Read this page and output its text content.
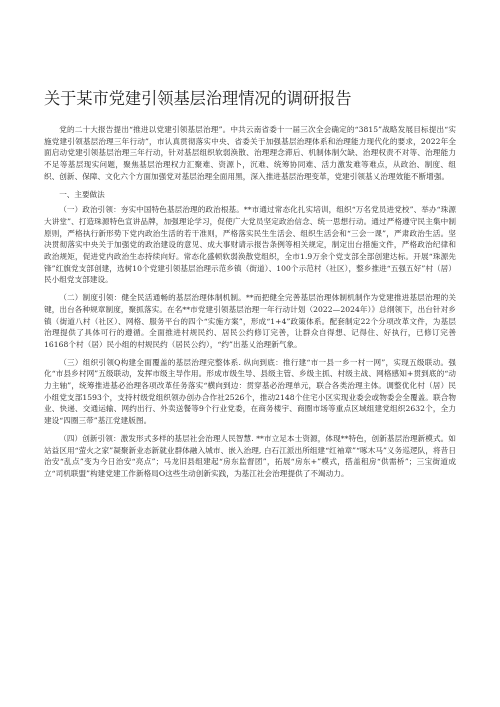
关于某市党建引领基层治理情况的调研报告

党的二十大报告提出“推进以党建引领基层治理”。中共云南省委十一届三次全会确定的“3815”战略发展目标提出“实施党建引领基层治理三年行动”，市认真贯彻落实中央、省委关于加强基层治理体系和治理能力现代化的要求，2022年全面启动党建引领基层治理三年行动，针对基层组织软弱涣散、治理理念滞后、机制体制欠缺、治理权责不对等、治理能力不足等基层现实问题，聚焦基层治理权力汇聚难、资源卜，沉难、统筹协同难、活力激发难等难点，从政治、制度、组织、创新、保障、文化六个方面加强党对基层治理全面用黑，深入推进基层治理变革，党建引领基乂治理效能不断增强。

一、主要做法

（一）政治引领：夯实中国特色基层治理的政治根基。**市通过常态化扎实培训，组织“万名党员进党校”、举办“珠源大讲堂”、打造珠源特色宣讲品牌，加强理论学习，促使广大党员坚定政治信念、统一思想行动。通过严格遵守民主集中制原则，严格执行新形势下党内政治生活的若干准则，严格落实民生生活会、组织生活会和“三会一课”，严肃政治生活。坚决贯彻落实中央关于加强党的政治建设的意见、成大事财请示报告条例等相关规定，制定出台措施文件，严格政治纪律和政治规矩，促进党内政治生态持续向好。常态化盛顿软弱涣散党组织，全市1.9万余个党支部全部创建达标。开展“珠源先锋”红旗党支部创建，选树10个党建引领基层治理示范乡镇（街道）、100个示范村（社区），整乡推进“五强五好”村（居）民小组党支部建设。

（二）制度引领：健全民活通畅的基层治理体制机制。**而把健全完善基层治理体制机制作为党建推进基层治理的关键，出台各种规章制度，聚抓落实。在名**市党建引领基层治理一年行动计划（2022—2024年）》总纲领下，出台针对乡镇（街道八村（社区）、网格、服务平台的四个“实施方案”，形成“1+4”政策体系。配套制定22个分项改革文件，为基层治理提供了具体可行的遵循。全面推进村规民约、居民公约修订完善，让群众自得想、记得住、好执行，已修订完善16168个村（居）民小组的村规民约（居民公约），“约”出基乂治理新气象。

（三）组织引领Q构建全面覆盖的基层治理完整体系. 纵向到底：推行建“市一县一乡一村一网”，实现五级联动。强化“市县乡村网”五级联动，发挥市级主导作用。形成市级生导、县级主管、乡级主抓、村级主战、网格感知+贯到底的“动力主轴”，统筹推进基必治理各项改革任务落实“横向到边：贯穿基必治理单元，联合各类治理主体。调整优化村（居）民小组党支部1593个，支持村级党组织领办创办合作社2526个，推动2148个住宅小区实现业委会或物委会全覆盖。联合物业、快递、交通运输、网约出行、外卖送餐等9个行业党委，在商务楼宇、商圈市场等重点区域组建党组织2632个，全力建设“四圈三带”基江党建版图。

（四）创新引领：激发形式多样的基层社会治理人民智慧. **市立足本士资源，体现**特色，创新基层治理新模式。如站益区用“萤火之家”凝聚新业态新就业群体融入城市、嵌入治理, 白石江派出所组建“红袖章”“啄木马”义务巡逻队，将昔日治安“乱点”变为今日治安“亮点”；马龙旧县组建起“房东监督团”，拓展“房东+”模式，搭盖租房“供需桥”；三宝街道成立“司机联盟”构建党建工作新格局O这些生动创新实践，为基江社会治理提供了不竭动力。
